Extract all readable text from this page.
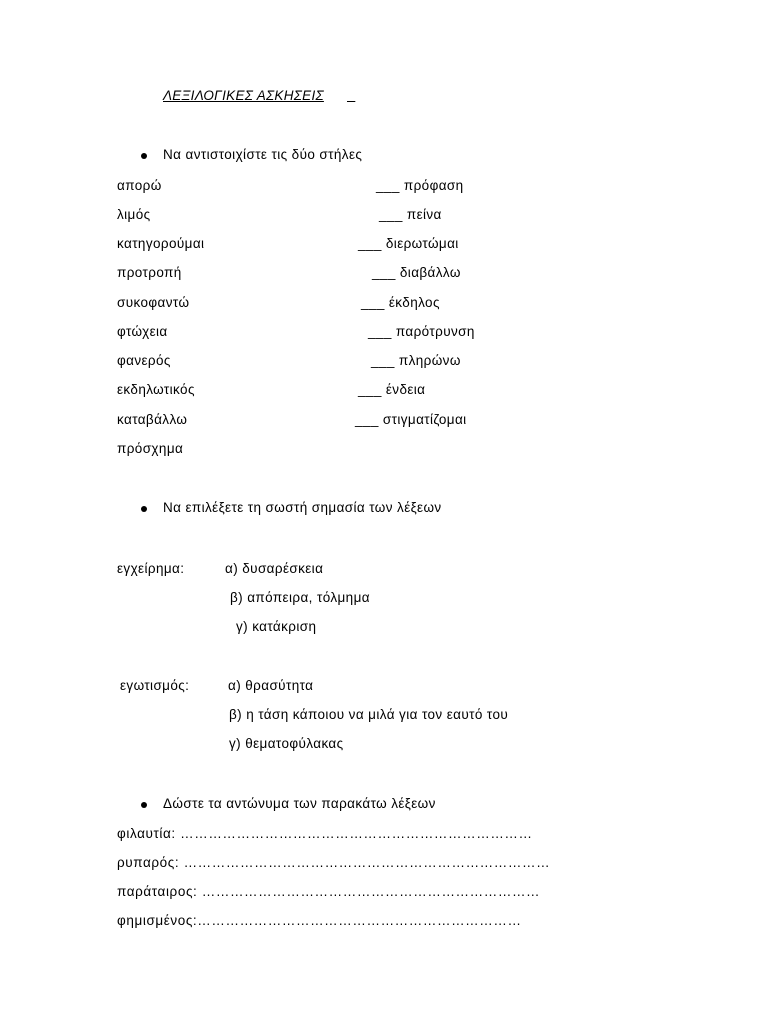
ΛΕΞΙΛΟΓΙΚΕΣ ΑΣΚΗΣΕΙΣ

Να αντιστοιχίστε τις δύο στήλες
απορώ
λιμός
κατηγορούμαι
προτροπή
συκοφαντώ
φτώχεια
φανερός
εκδηλωτικός
καταβάλλω
πρόσχημα
___ πρόφαση
___ πείνα
___ διερωτώμαι
___ διαβάλλω
___ έκδηλος
___ παρότρυνση
___ πληρώνω
___ ένδεια
___ στιγματίζομαι
Να επιλέξετε τη σωστή σημασία των λέξεων
εγχείρημα:	α) δυσαρέσκεια
β) απόπειρα, τόλμημα
γ) κατάκριση
εγωτισμός:	α) θρασύτητα
β) η τάση κάποιου να μιλά για τον εαυτό του
γ) θεματοφύλακας
Δώστε τα αντώνυμα των παρακάτω λέξεων
φιλαυτία: …………………………………………………………………
ρυπαρός: ……………………………………………………………………
παράταιρος: ………………………………………………………………
φημισμένος:……………………………………………………………
